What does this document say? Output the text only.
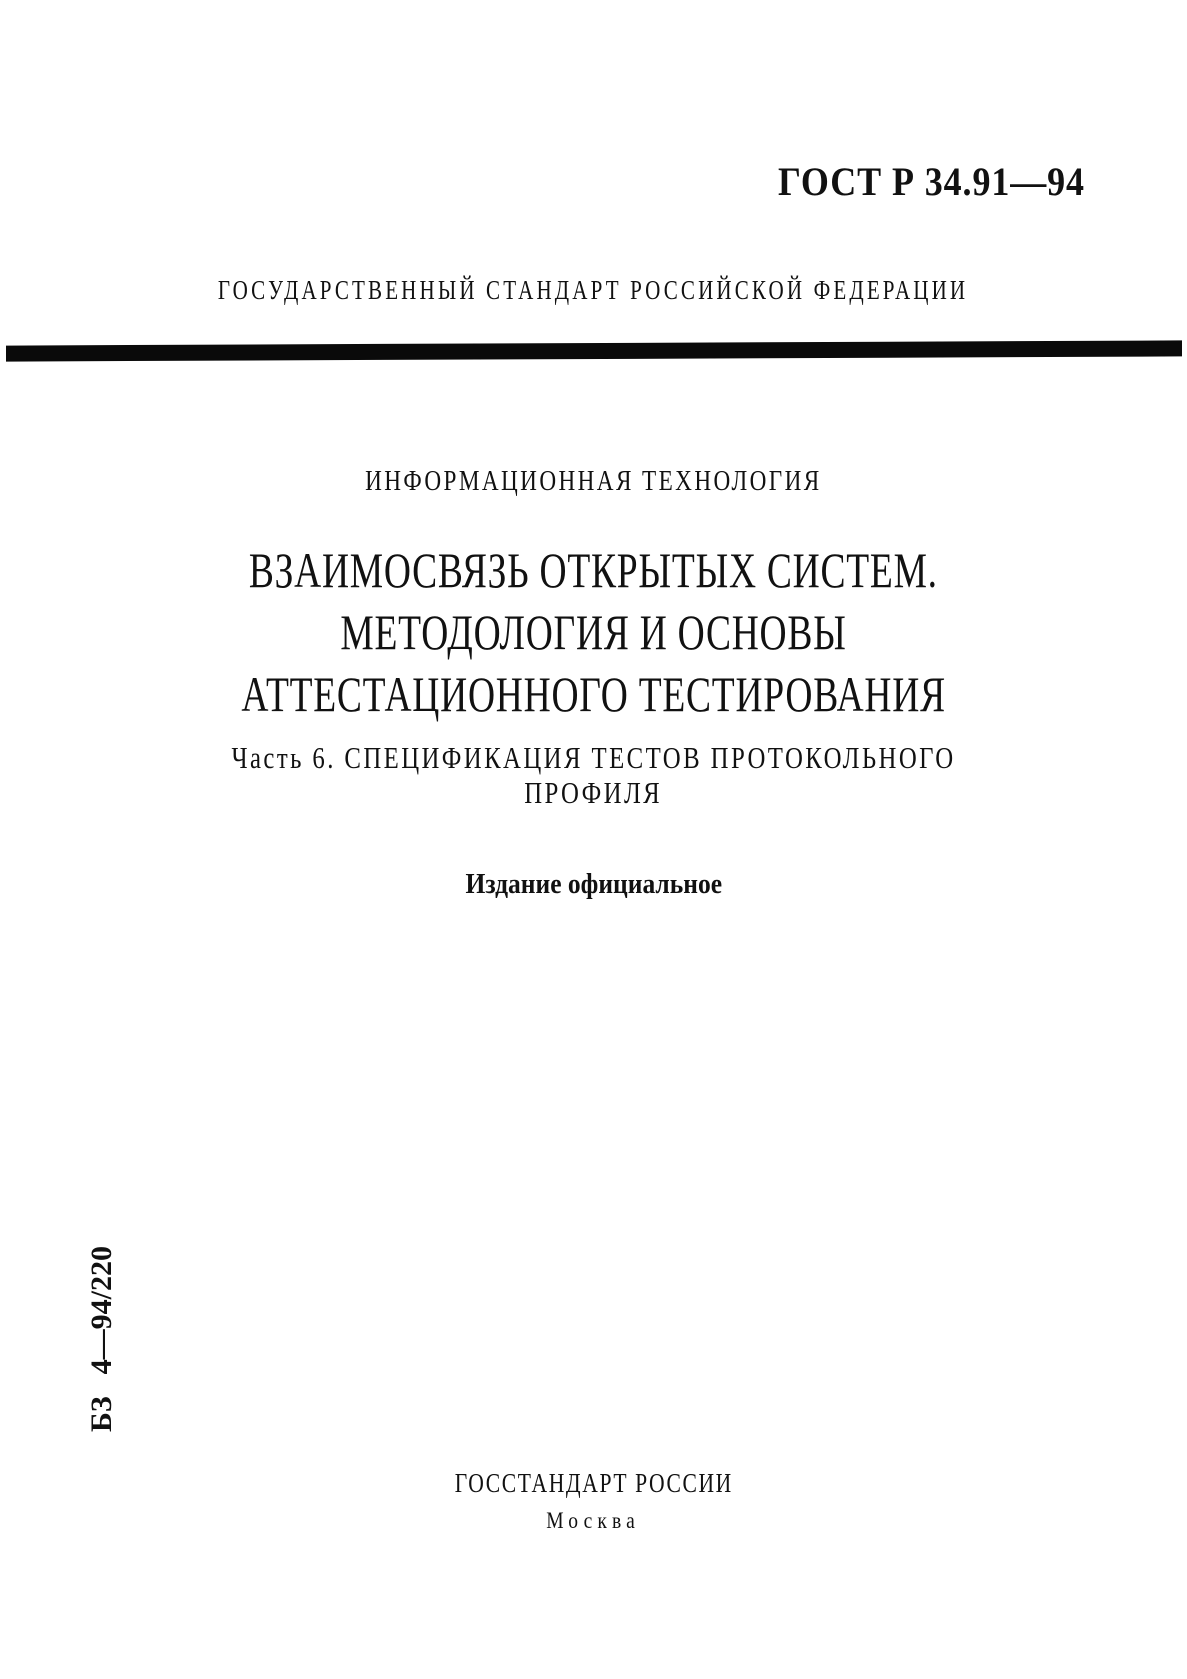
ГОСТ Р 34.91—94
ГОСУДАРСТВЕННЫЙ СТАНДАРТ РОССИЙСКОЙ ФЕДЕРАЦИИ
ИНФОРМАЦИОННАЯ ТЕХНОЛОГИЯ
ВЗАИМОСВЯЗЬ ОТКРЫТЫХ СИСТЕМ.
МЕТОДОЛОГИЯ И ОСНОВЫ
АТТЕСТАЦИОННОГО ТЕСТИРОВАНИЯ
Часть 6. СПЕЦИФИКАЦИЯ ТЕСТОВ ПРОТОКОЛЬНОГО
ПРОФИЛЯ
Издание официальное
БЗ4—94/220
ГОССТАНДАРТ РОССИИ
Москва
